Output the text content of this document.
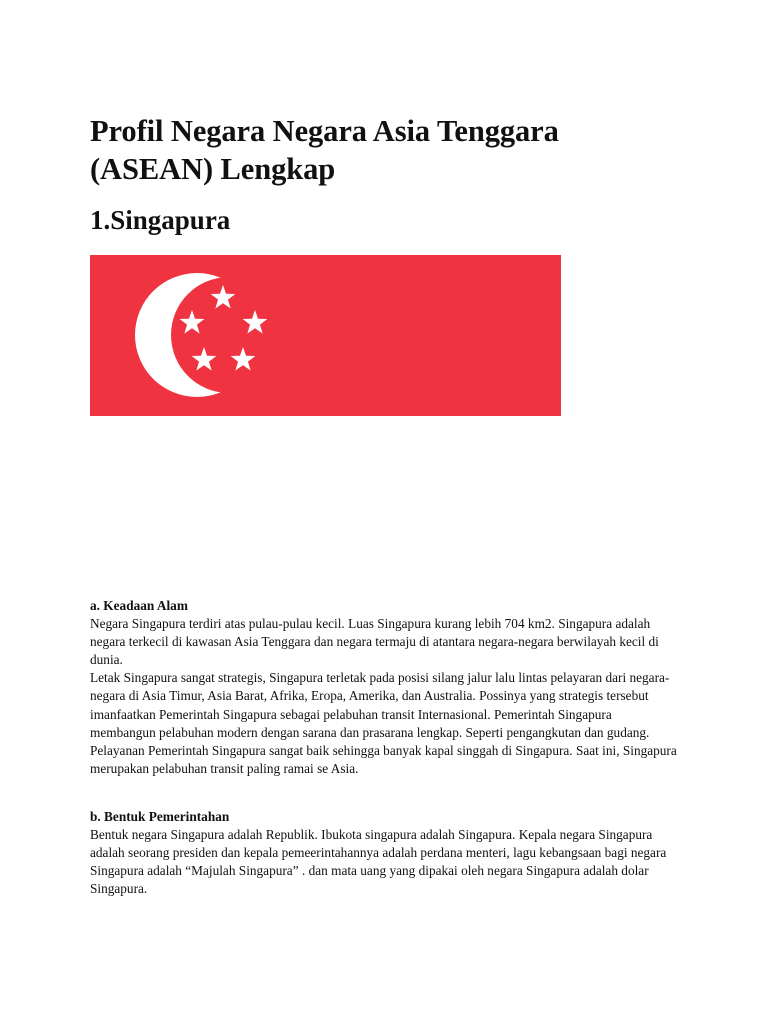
Profil Negara Negara Asia Tenggara (ASEAN) Lengkap
1.Singapura
a. Keadaan Alam
Negara Singapura terdiri atas pulau-pulau kecil. Luas Singapura kurang lebih 704 km2. Singapura adalah negara terkecil di kawasan Asia Tenggara dan negara termaju di atantara negara-negara berwilayah kecil di dunia.
Letak Singapura sangat strategis, Singapura terletak pada posisi silang jalur lalu lintas pelayaran dari negara-negara di Asia Timur, Asia Barat, Afrika, Eropa, Amerika, dan Australia. Possinya yang strategis tersebut imanfaatkan Pemerintah Singapura sebagai pelabuhan transit Internasional. Pemerintah Singapura membangun pelabuhan modern dengan sarana dan prasarana lengkap. Seperti pengangkutan dan gudang.
Pelayanan Pemerintah Singapura sangat baik sehingga banyak kapal singgah di Singapura. Saat ini, Singapura merupakan pelabuhan transit paling ramai se Asia.
b. Bentuk Pemerintahan
Bentuk negara Singapura adalah Republik. Ibukota singapura adalah Singapura. Kepala negara Singapura adalah seorang presiden dan kepala pemeerintahannya adalah perdana menteri, lagu kebangsaan bagi negara Singapura adalah “Majulah Singapura” . dan mata uang yang dipakai oleh negara Singapura adalah dolar Singapura.
